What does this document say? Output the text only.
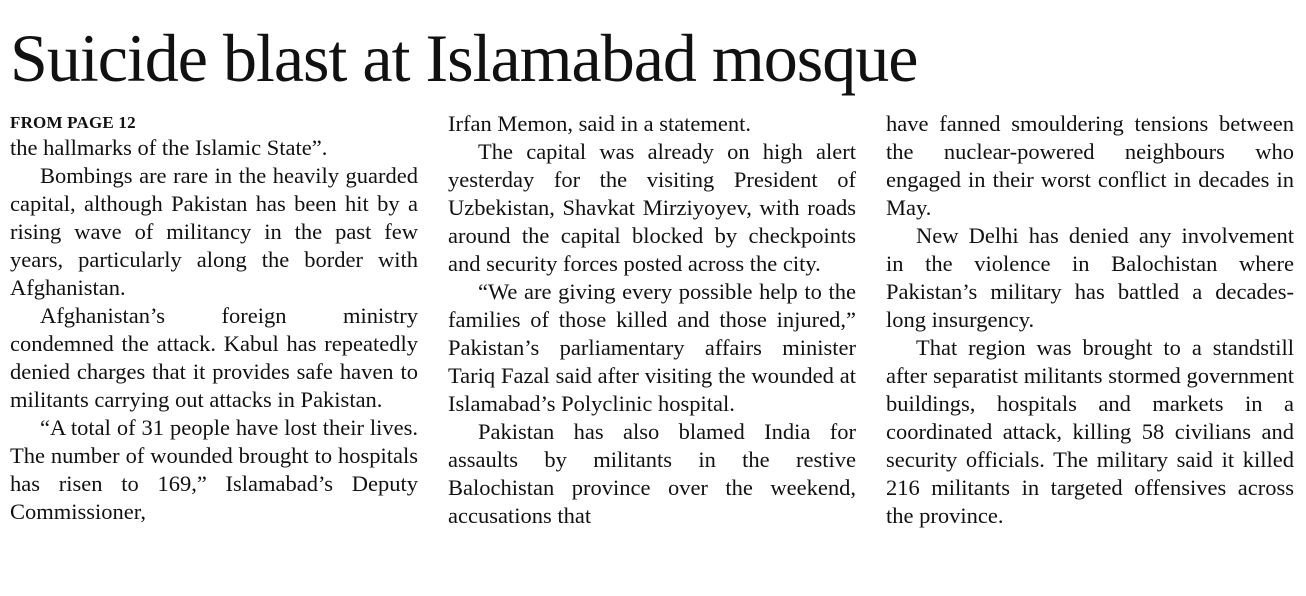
Suicide blast at Islamabad mosque
FROM PAGE 12

the hallmarks of the Islamic State”.

Bombings are rare in the heavily guarded capital, although Pakistan has been hit by a rising wave of militancy in the past few years, particularly along the border with Afghanistan.

Afghanistan’s foreign ministry condemned the attack. Kabul has repeatedly denied charges that it provides safe haven to militants carrying out attacks in Pakistan.

“A total of 31 people have lost their lives. The number of wounded brought to hospitals has risen to 169,” Islamabad’s Deputy Commissioner,

Irfan Memon, said in a statement.

The capital was already on high alert yesterday for the visiting President of Uzbekistan, Shavkat Mirziyoyev, with roads around the capital blocked by checkpoints and security forces posted across the city.

“We are giving every possible help to the families of those killed and those injured,” Pakistan’s parliamentary affairs minister Tariq Fazal said after visiting the wounded at Islamabad’s Polyclinic hospital.

Pakistan has also blamed India for assaults by militants in the restive Balochistan province over the weekend, accusations that

have fanned smouldering tensions between the nuclear-powered neighbours who engaged in their worst conflict in decades in May.

New Delhi has denied any involvement in the violence in Balochistan where Pakistan’s military has battled a decades-long insurgency.

That region was brought to a standstill after separatist militants stormed government buildings, hospitals and markets in a coordinated attack, killing 58 civilians and security officials. The military said it killed 216 militants in targeted offensives across the province.
